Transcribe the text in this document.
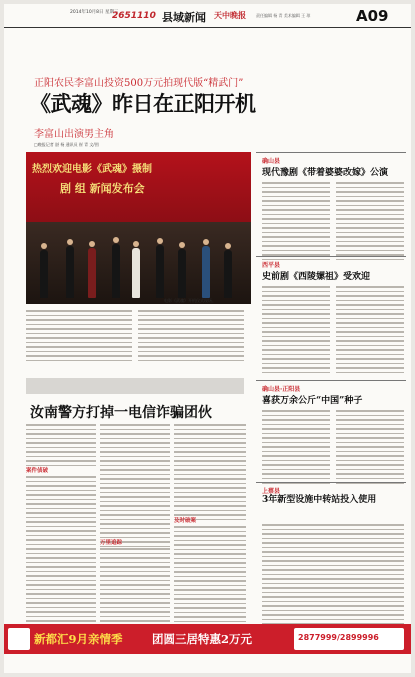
2014年10月8日 星期三
2651110 县域新闻 天中晚报	责任编辑 杨 青 美术编辑 王 琼	A09
正阳农民李富山投资500万元拍现代版“精武门”
《武魂》昨日在正阳开机
李富山出演男主角
□晚报记者 谌 杨 通讯员 崔 青 文/图
热烈欢迎电影《武魂》摄制
剧 组 新闻发布会
电影《武魂》开机仪式现场。
确山县
现代豫剧《带着婆婆改嫁》公演
西平县
史前剧《西陵嫘祖》受欢迎
确山县·正阳县
喜获万余公斤“中国”种子
上蔡县
3年新型设施中转站投入使用
汝南警方打掉一电信诈骗团伙
案件侦破
万里追踪
及时破案
新都汇9月亲情季	团圆三居特惠2万元	2877999/2899996
